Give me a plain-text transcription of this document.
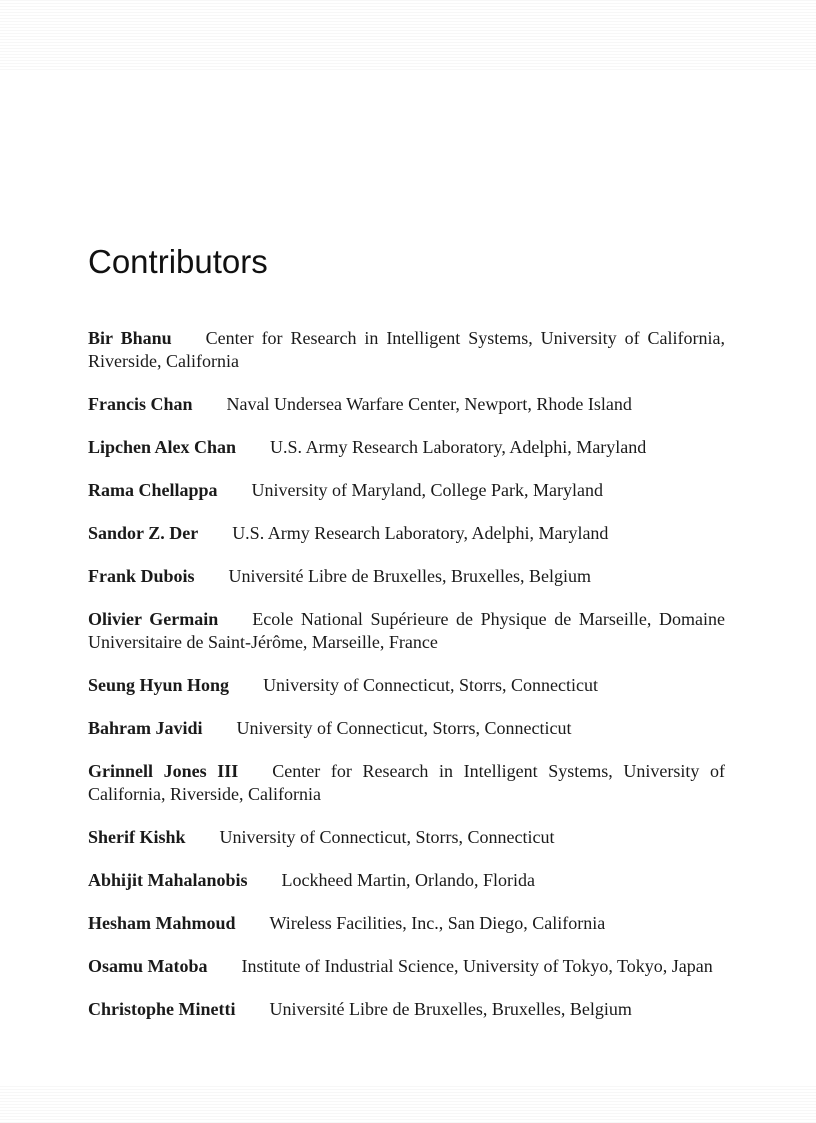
Contributors

Bir Bhanu Center for Research in Intelligent Systems, University of California, Riverside, California

Francis Chan Naval Undersea Warfare Center, Newport, Rhode Island

Lipchen Alex Chan U.S. Army Research Laboratory, Adelphi, Maryland

Rama Chellappa University of Maryland, College Park, Maryland

Sandor Z. Der U.S. Army Research Laboratory, Adelphi, Maryland

Frank Dubois Université Libre de Bruxelles, Bruxelles, Belgium

Olivier Germain Ecole National Supérieure de Physique de Marseille, Domaine Universitaire de Saint-Jérôme, Marseille, France

Seung Hyun Hong University of Connecticut, Storrs, Connecticut

Bahram Javidi University of Connecticut, Storrs, Connecticut

Grinnell Jones III Center for Research in Intelligent Systems, University of California, Riverside, California

Sherif Kishk University of Connecticut, Storrs, Connecticut

Abhijit Mahalanobis Lockheed Martin, Orlando, Florida

Hesham Mahmoud Wireless Facilities, Inc., San Diego, California

Osamu Matoba Institute of Industrial Science, University of Tokyo, Tokyo, Japan

Christophe Minetti Université Libre de Bruxelles, Bruxelles, Belgium
